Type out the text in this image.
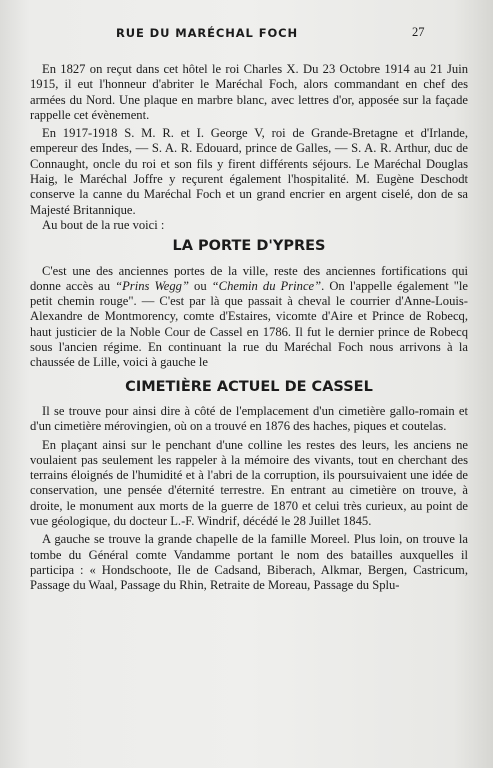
RUE DU MARÉCHAL FOCH	27

En 1827 on reçut dans cet hôtel le roi Charles X. Du 23 Octobre 1914 au 21 Juin 1915, il eut l'honneur d'abriter le Maréchal Foch, alors commandant en chef des armées du Nord. Une plaque en marbre blanc, avec lettres d'or, apposée sur la façade rappelle cet évènement.

En 1917-1918 S. M. R. et I. George V, roi de Grande-Bretagne et d'Irlande, empereur des Indes, — S. A. R. Edouard, prince de Galles, — S. A. R. Arthur, duc de Connaught, oncle du roi et son fils y firent différents séjours. Le Maréchal Douglas Haig, le Maréchal Joffre y reçurent également l'hospitalité. M. Eugène Deschodt conserve la canne du Maréchal Foch et un grand encrier en argent ciselé, don de sa Majesté Britannique.

Au bout de la rue voici :

LA PORTE D'YPRES

C'est une des anciennes portes de la ville, reste des anciennes fortifications qui donne accès au “Prins Wegg” ou “Chemin du Prince”. On l'appelle également "le petit chemin rouge". — C'est par là que passait à cheval le courrier d'Anne-Louis-Alexandre de Montmorency, comte d'Estaires, vicomte d'Aire et Prince de Robecq, haut justicier de la Noble Cour de Cassel en 1786. Il fut le dernier prince de Robecq sous l'ancien régime. En continuant la rue du Maréchal Foch nous arrivons à la chaussée de Lille, voici à gauche le

CIMETIÈRE ACTUEL DE CASSEL

Il se trouve pour ainsi dire à côté de l'emplacement d'un cimetière gallo-romain et d'un cimetière mérovingien, où on a trouvé en 1876 des haches, piques et coutelas.

En plaçant ainsi sur le penchant d'une colline les restes des leurs, les anciens ne voulaient pas seulement les rappeler à la mémoire des vivants, tout en cherchant des terrains éloignés de l'humidité et à l'abri de la corruption, ils poursuivaient une idée de conservation, une pensée d'éternité terrestre. En entrant au cimetière on trouve, à droite, le monument aux morts de la guerre de 1870 et celui très curieux, au point de vue géologique, du docteur L.-F. Windrif, décédé le 28 Juillet 1845.

A gauche se trouve la grande chapelle de la famille Moreel. Plus loin, on trouve la tombe du Général comte Vandamme portant le nom des batailles auxquelles il participa : « Hondschoote, Ile de Cadsand, Biberach, Alkmar, Bergen, Castricum, Passage du Waal, Passage du Rhin, Retraite de Moreau, Passage du Splu-
